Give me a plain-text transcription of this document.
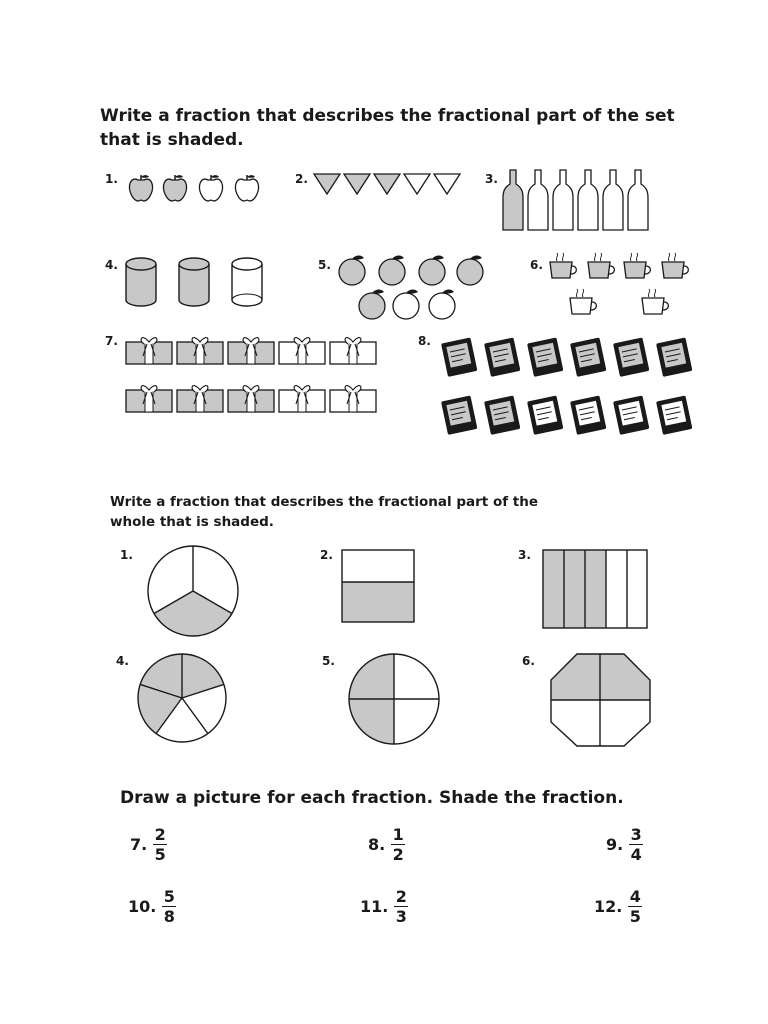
Write a fraction that describes the fractional part of the set
that is shaded.
1.	2.	3.
4.	5.	6.
7.	8.
Write a fraction that describes the fractional part of the
whole that is shaded.
1.	2.	3.
4.	5.	6.
Draw a picture for each fraction. Shade the fraction.
7. $\frac{2}{5}$	8. $\frac{1}{2}$	9. $\frac{3}{4}$
10. $\frac{5}{8}$	11. $\frac{2}{3}$	12. $\frac{4}{5}$
